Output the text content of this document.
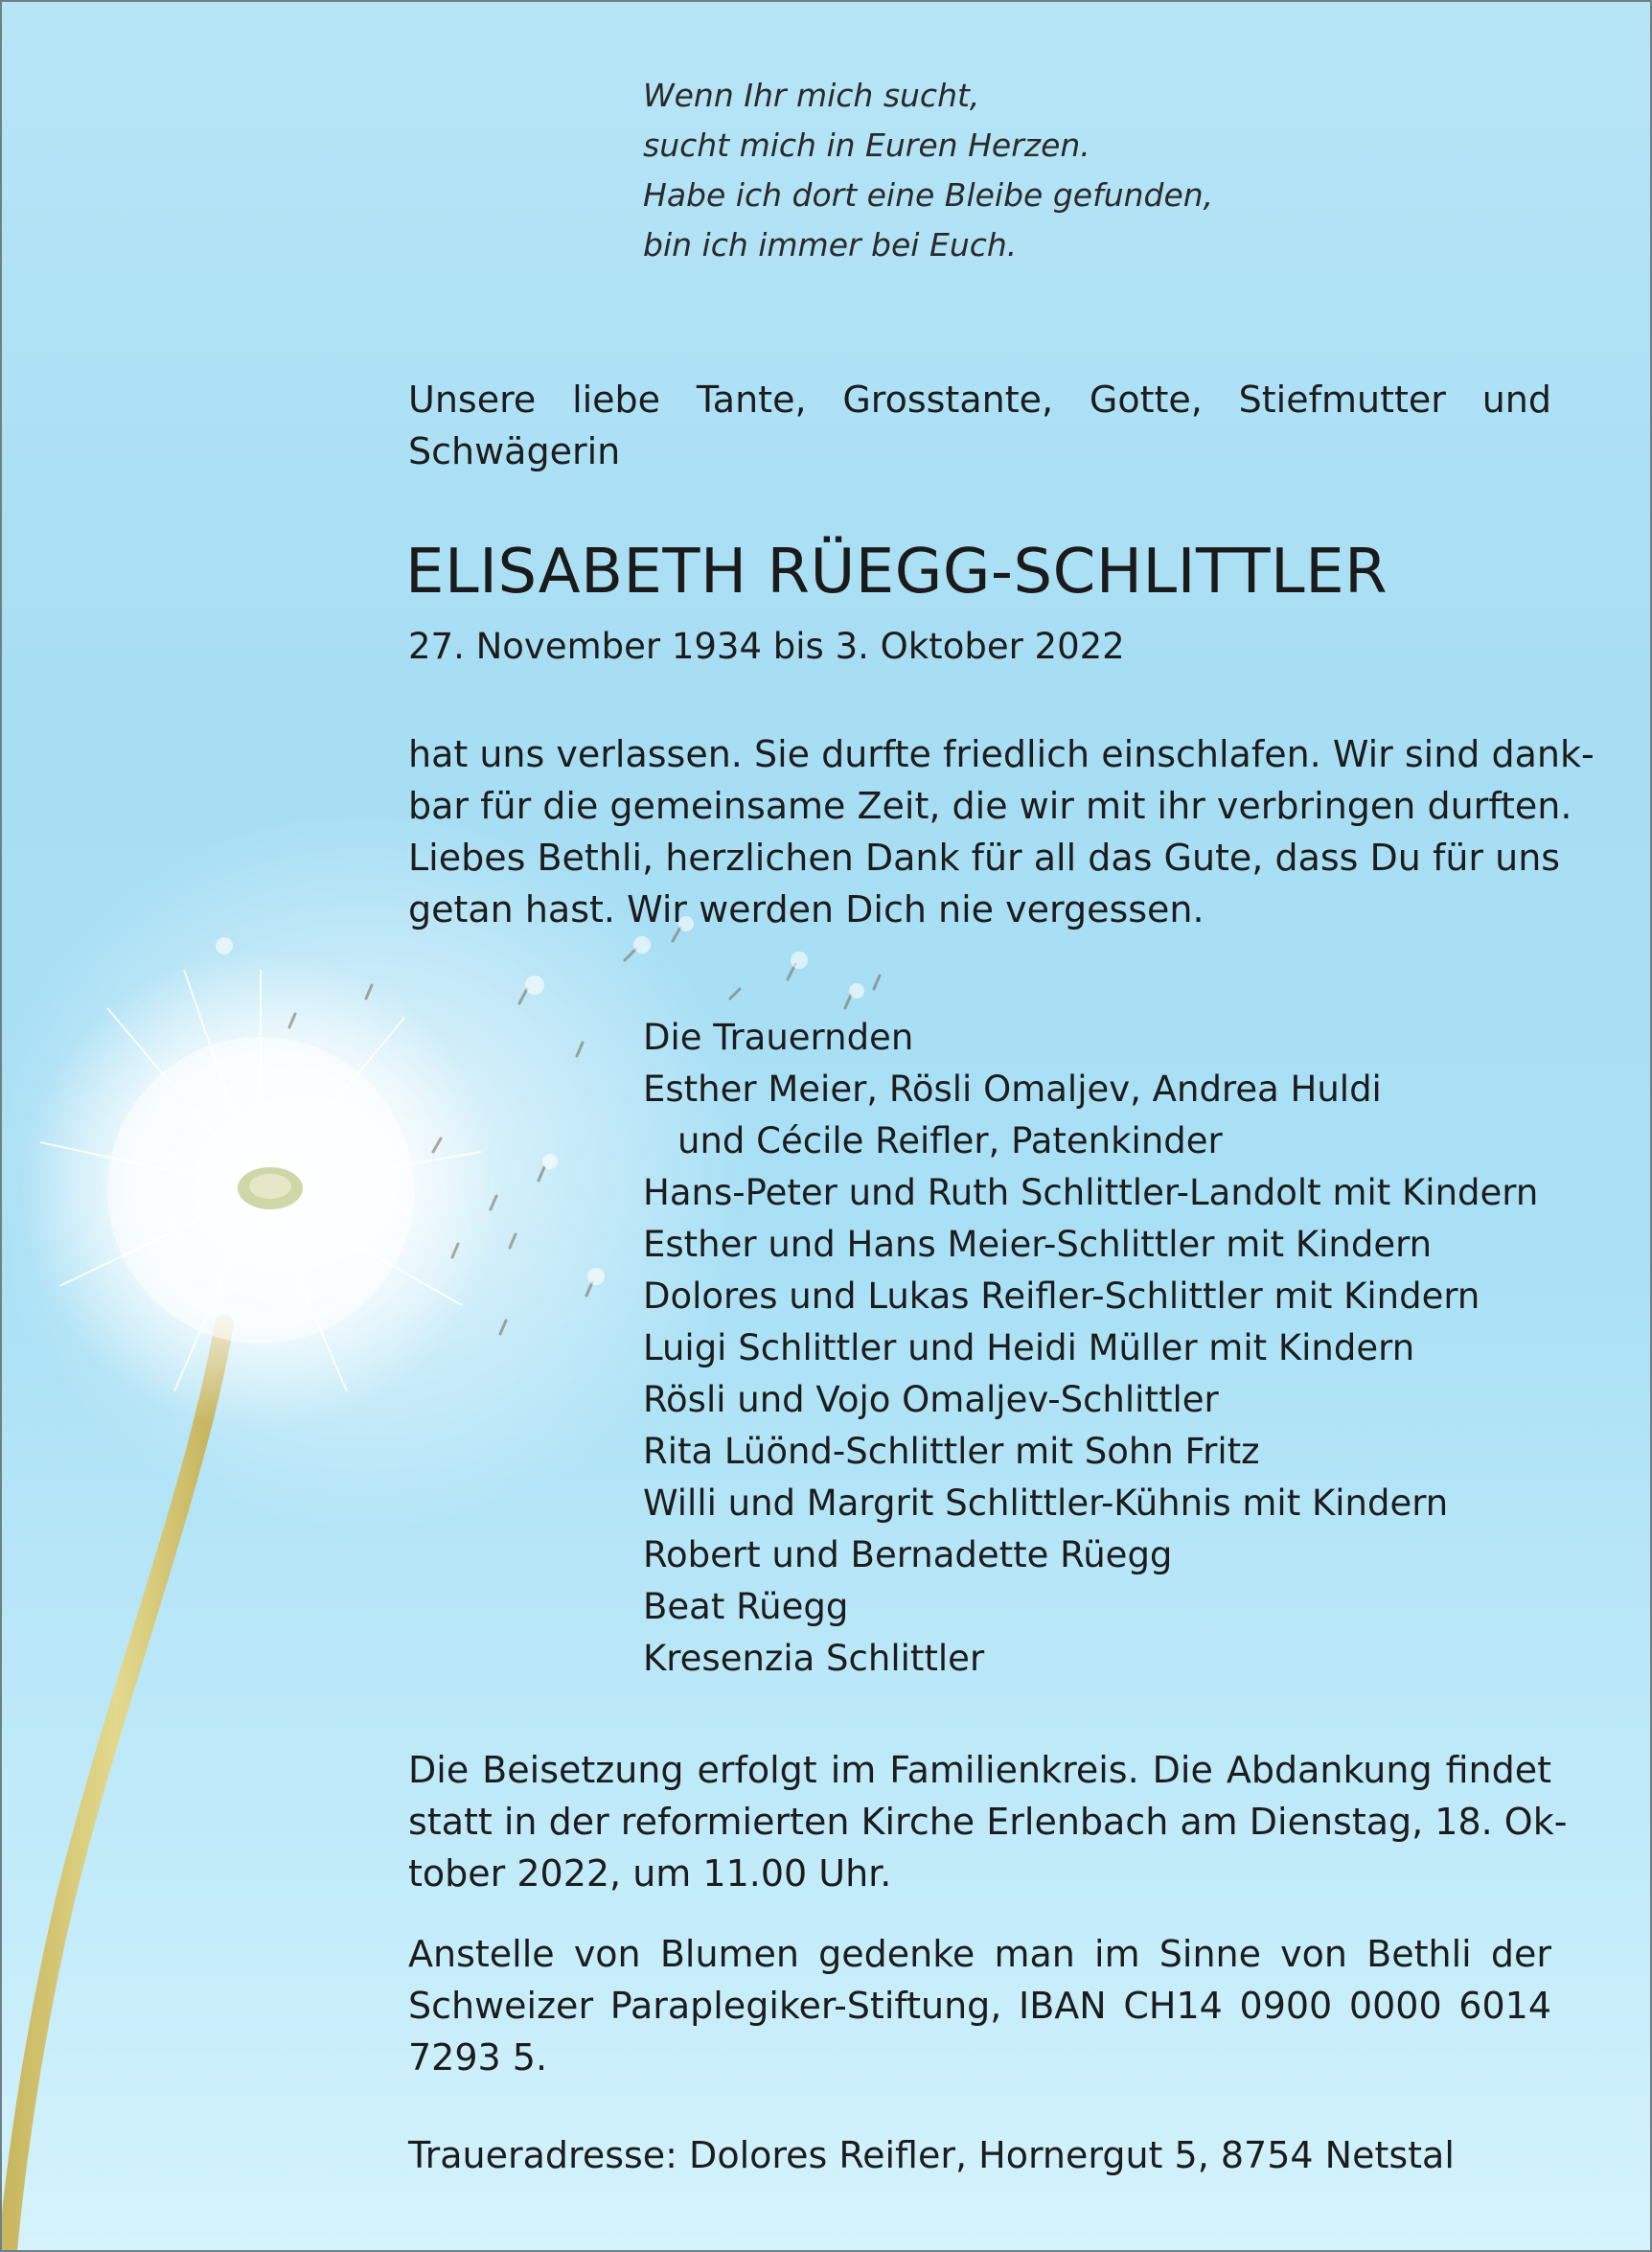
Wenn Ihr mich sucht,
sucht mich in Euren Herzen.
Habe ich dort eine Bleibe gefunden,
bin ich immer bei Euch.
Unsere liebe Tante, Grosstante, Gotte, Stiefmutter und
Schwägerin
ELISABETH RÜEGG-SCHLITTLER
27. November 1934 bis 3. Oktober 2022
hat uns verlassen. Sie durfte friedlich einschlafen. Wir sind dank-
bar für die gemeinsame Zeit, die wir mit ihr verbringen durften.
Liebes Bethli, herzlichen Dank für all das Gute, dass Du für uns
getan hast. Wir werden Dich nie vergessen.
Die Trauernden
Esther Meier, Rösli Omaljev, Andrea Huldi
und Cécile Reifler, Patenkinder
Hans-Peter und Ruth Schlittler-Landolt mit Kindern
Esther und Hans Meier-Schlittler mit Kindern
Dolores und Lukas Reifler-Schlittler mit Kindern
Luigi Schlittler und Heidi Müller mit Kindern
Rösli und Vojo Omaljev-Schlittler
Rita Lüönd-Schlittler mit Sohn Fritz
Willi und Margrit Schlittler-Kühnis mit Kindern
Robert und Bernadette Rüegg
Beat Rüegg
Kresenzia Schlittler
Die Beisetzung erfolgt im Familienkreis. Die Abdankung findet
statt in der reformierten Kirche Erlenbach am Dienstag, 18. Ok-
tober 2022, um 11.00 Uhr.
Anstelle von Blumen gedenke man im Sinne von Bethli der
Schweizer Paraplegiker-Stiftung, IBAN CH14 0900 0000 6014
7293 5.
Traueradresse: Dolores Reifler, Hornergut 5, 8754 Netstal
